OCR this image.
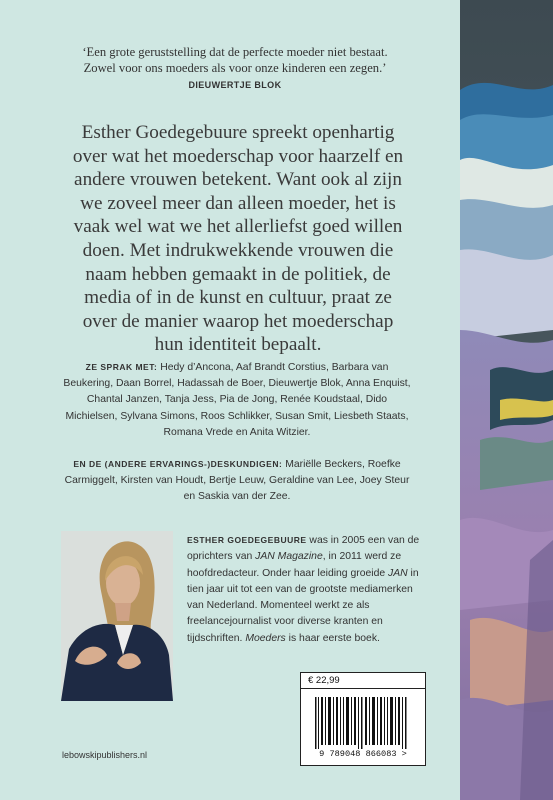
‘Een grote geruststelling dat de perfecte moeder niet bestaat.
Zowel voor ons moeders als voor onze kinderen een zegen.’
DIEUWERTJE BLOK
Esther Goedegebuure spreekt openhartig over wat het moederschap voor haarzelf en andere vrouwen betekent. Want ook al zijn we zoveel meer dan alleen moeder, het is vaak wel wat we het allerliefst goed willen doen. Met indrukwekkende vrouwen die naam hebben gemaakt in de politiek, de media of in de kunst en cultuur, praat ze over de manier waarop het moederschap hun identiteit bepaalt.
ZE SPRAK MET: Hedy d’Ancona, Aaf Brandt Corstius, Barbara van Beukering, Daan Borrel, Hadassah de Boer, Dieuwertje Blok, Anna Enquist, Chantal Janzen, Tanja Jess, Pia de Jong, Renée Koudstaal, Dido Michielsen, Sylvana Simons, Roos Schlikker, Susan Smit, Liesbeth Staats, Romana Vrede en Anita Witzier.
EN DE (ANDERE ERVARINGS-)DESKUNDIGEN: Mariëlle Beckers, Roefke Carmiggelt, Kirsten van Houdt, Bertje Leuw, Geraldine van Lee, Joey Steur en Saskia van der Zee.
ESTHER GOEDEGEBUURE was in 2005 een van de oprichters van JAN Magazine, in 2011 werd ze hoofdredacteur. Onder haar leiding groeide JAN in tien jaar uit tot een van de grootste mediamerken van Nederland. Momenteel werkt ze als freelancejournalist voor diverse kranten en tijdschriften. Moeders is haar eerste boek.
€ 22,99
9 789048 866083 >
lebowskipublishers.nl
